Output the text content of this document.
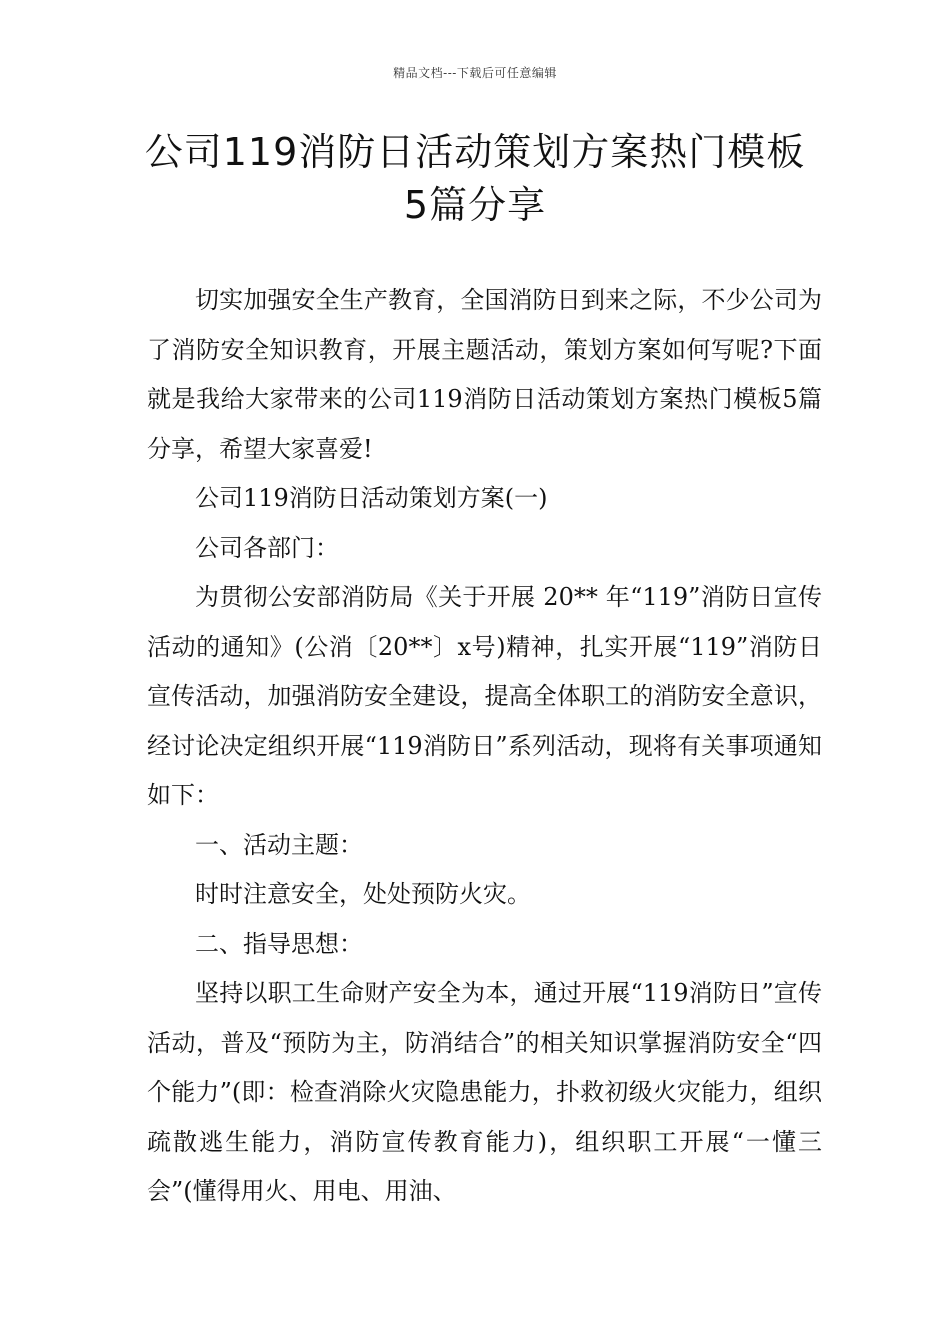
精品文档---下载后可任意编辑
公司119消防日活动策划方案热门模板
5篇分享

切实加强安全生产教育，全国消防日到来之际，不少公司为了消防安全知识教育，开展主题活动，策划方案如何写呢?下面就是我给大家带来的公司119消防日活动策划方案热门模板5篇分享，希望大家喜爱!

公司119消防日活动策划方案(一)

公司各部门：

为贯彻公安部消防局《关于开展 20** 年“119”消防日宣传活动的通知》(公消〔20**〕x号)精神，扎实开展“119”消防日宣传活动，加强消防安全建设，提高全体职工的消防安全意识，经讨论决定组织开展“119消防日”系列活动，现将有关事项通知如下：

一、活动主题：

时时注意安全，处处预防火灾。

二、指导思想：

坚持以职工生命财产安全为本，通过开展“119消防日”宣传活动，普及“预防为主，防消结合”的相关知识掌握消防安全“四个能力”(即：检查消除火灾隐患能力，扑救初级火灾能力，组织疏散逃生能力，消防宣传教育能力)，组织职工开展“一懂三会”(懂得用火、用电、用油、
